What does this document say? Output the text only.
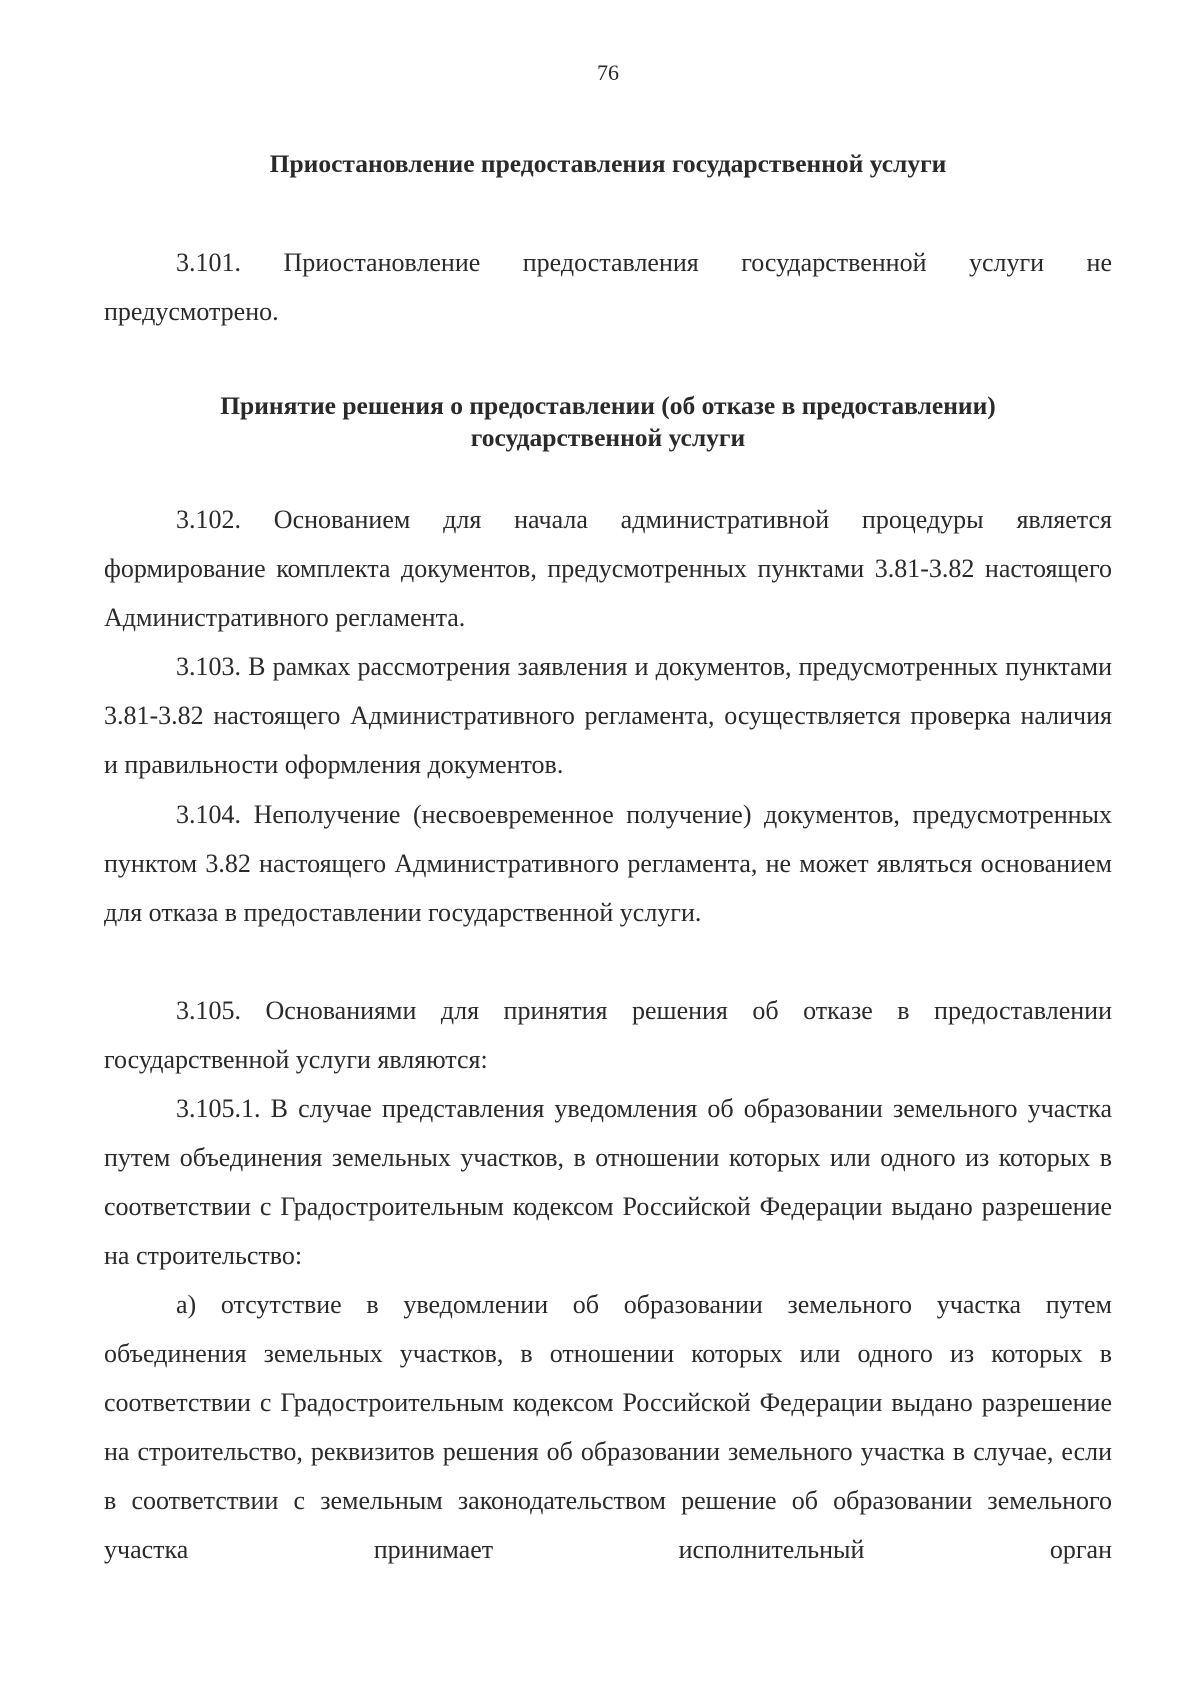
76
Приостановление предоставления государственной услуги
3.101. Приостановление предоставления государственной услуги не предусмотрено.
Принятие решения о предоставлении (об отказе в предоставлении) государственной услуги
3.102. Основанием для начала административной процедуры является формирование комплекта документов, предусмотренных пунктами 3.81-3.82 настоящего Административного регламента.
3.103. В рамках рассмотрения заявления и документов, предусмотренных пунктами 3.81-3.82 настоящего Административного регламента, осуществляется проверка наличия и правильности оформления документов.
3.104. Неполучение (несвоевременное получение) документов, предусмотренных пунктом 3.82 настоящего Административного регламента, не может являться основанием для отказа в предоставлении государственной услуги.
3.105. Основаниями для принятия решения об отказе в предоставлении государственной услуги являются:
3.105.1. В случае представления уведомления об образовании земельного участка путем объединения земельных участков, в отношении которых или одного из которых в соответствии с Градостроительным кодексом Российской Федерации выдано разрешение на строительство:
а) отсутствие в уведомлении об образовании земельного участка путем объединения земельных участков, в отношении которых или одного из которых в соответствии с Градостроительным кодексом Российской Федерации выдано разрешение на строительство, реквизитов решения об образовании земельного участка в случае, если в соответствии с земельным законодательством решение об образовании земельного участка принимает исполнительный орган
